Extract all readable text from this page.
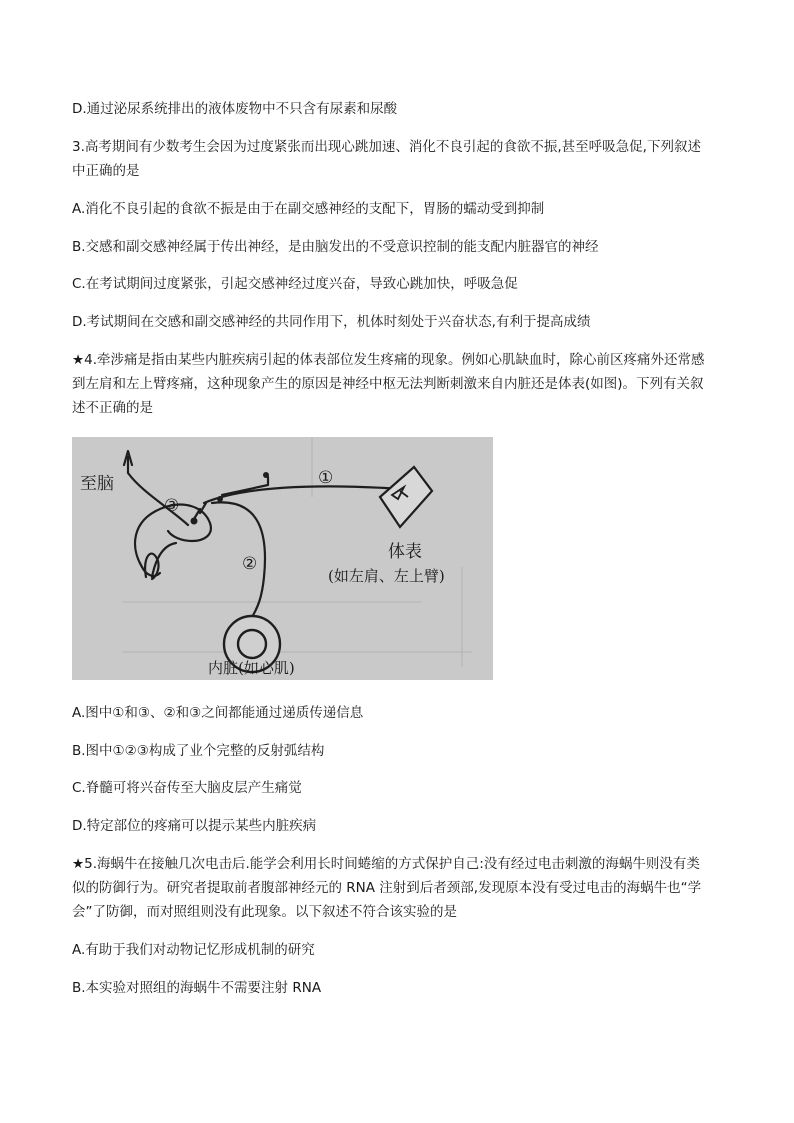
D.通过泌尿系统排出的液体废物中不只含有尿素和尿酸
3.高考期间有少数考生会因为过度紧张而出现心跳加速、消化不良引起的食欲不振,甚至呼吸急促,下列叙述
中正确的是
A.消化不良引起的食欲不振是由于在副交感神经的支配下，胃肠的蠕动受到抑制
B.交感和副交感神经属于传出神经，是由脑发出的不受意识控制的能支配内脏器官的神经
C.在考试期间过度紧张，引起交感神经过度兴奋，导致心跳加快，呼吸急促
D.考试期间在交感和副交感神经的共同作用下，机体时刻处于兴奋状态,有利于提高成绩
★4.牵涉痛是指由某些内脏疾病引起的体表部位发生疼痛的现象。例如心肌缺血时，除心前区疼痛外还常感
到左肩和左上臂疼痛，这种现象产生的原因是神经中枢无法判断刺激来自内脏还是体表(如图)。下列有关叙
述不正确的是
至脑	①
②
③
体表
(如左肩、左上臂)
内脏(如心肌)
A.图中①和③、②和③之间都能通过递质传递信息
B.图中①②③构成了业个完整的反射弧结构
C.脊髓可将兴奋传至大脑皮层产生痛觉
D.特定部位的疼痛可以提示某些内脏疾病
★5.海蜗牛在接触几次电击后.能学会利用长时间蜷缩的方式保护自己:没有经过电击刺激的海蜗牛则没有类
似的防御行为。研究者提取前者腹部神经元的 RNA 注射到后者颈部,发现原本没有受过电击的海蜗牛也“学
会”了防御，而对照组则没有此现象。以下叙述不符合该实验的是
A.有助于我们对动物记忆形成机制的研究
B.本实验对照组的海蜗牛不需要注射 RNA
